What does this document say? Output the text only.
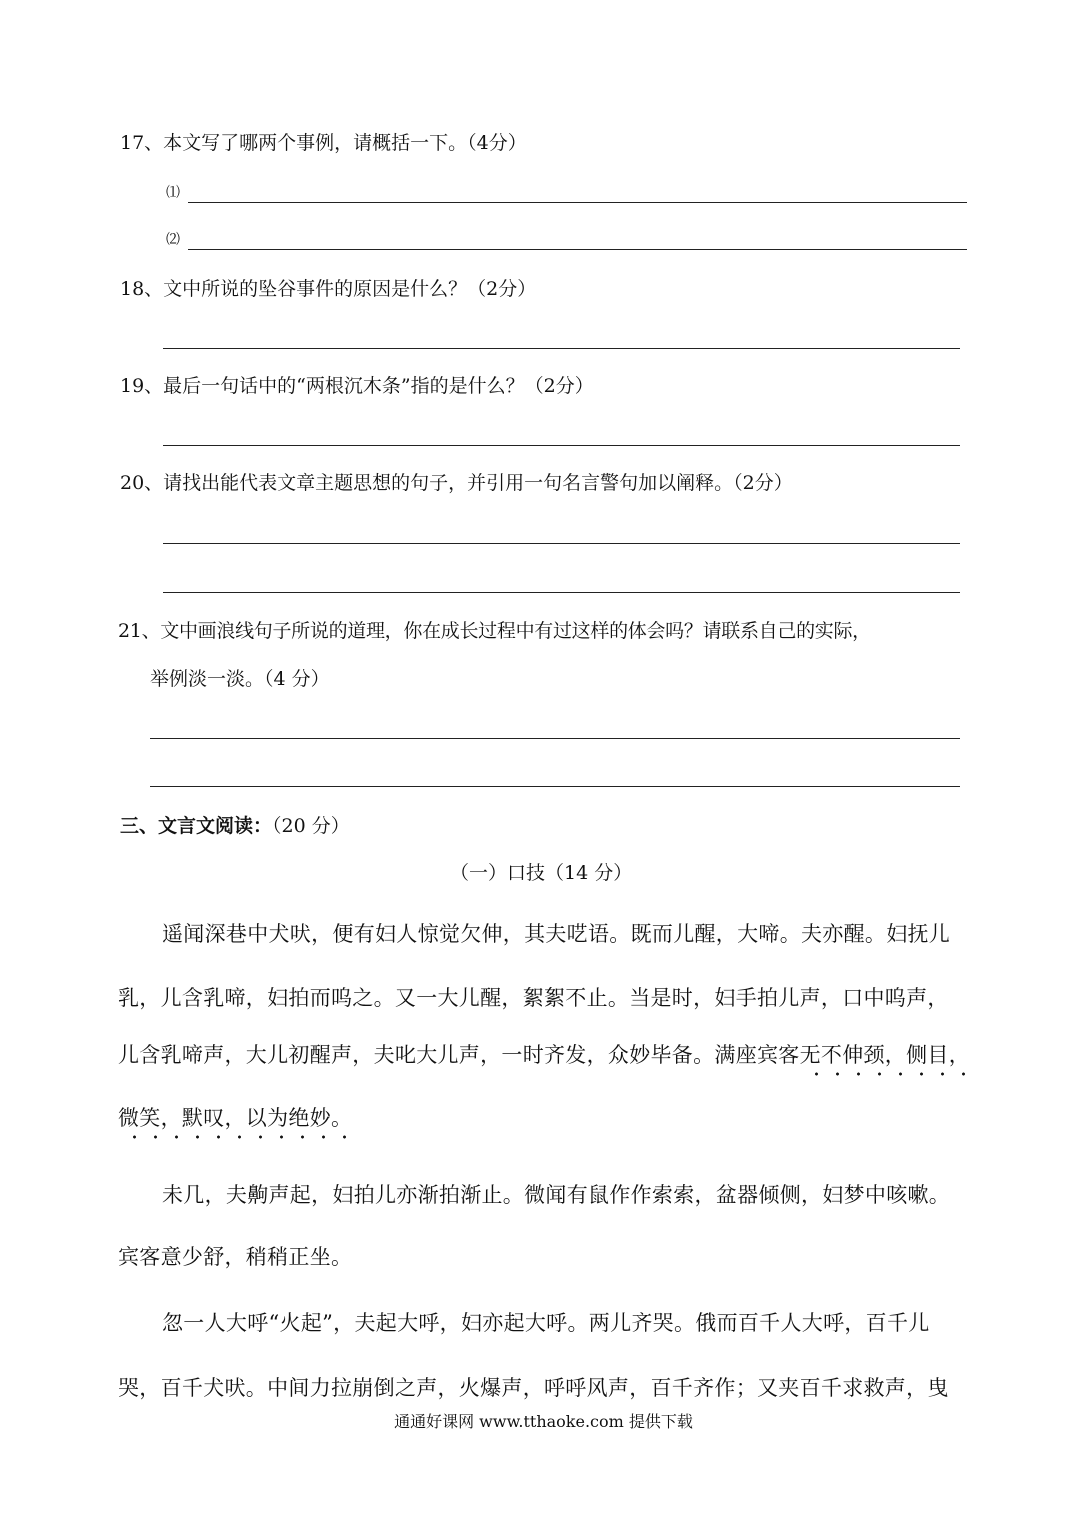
17、本文写了哪两个事例，请概括一下。（4分）
⑴
⑵
18、文中所说的坠谷事件的原因是什么？（2分）
19、最后一句话中的“两根沉木条”指的是什么？（2分）
20、请找出能代表文章主题思想的句子，并引用一句名言警句加以阐释。（2分）
21、文中画浪线句子所说的道理，你在成长过程中有过这样的体会吗？请联系自己的实际，
举例淡一淡。（4 分）
三、文言文阅读：（20 分）
（一）口技（14 分）
遥闻深巷中犬吠，便有妇人惊觉欠伸，其夫呓语。既而儿醒，大啼。夫亦醒。妇抚儿
乳，儿含乳啼，妇拍而呜之。又一大儿醒，絮絮不止。当是时，妇手拍儿声，口中呜声，
儿含乳啼声，大儿初醒声，夫叱大儿声，一时齐发，众妙毕备。满座宾客无不伸颈，侧目，
微笑，默叹，以为绝妙。
未几，夫齁声起，妇拍儿亦渐拍渐止。微闻有鼠作作索索，盆器倾侧，妇梦中咳嗽。
宾客意少舒，稍稍正坐。
忽一人大呼“火起”，夫起大呼，妇亦起大呼。两儿齐哭。俄而百千人大呼，百千儿
哭，百千犬吠。中间力拉崩倒之声，火爆声，呼呼风声，百千齐作；又夹百千求救声，曳
通通好课网 www.tthaoke.com 提供下载
